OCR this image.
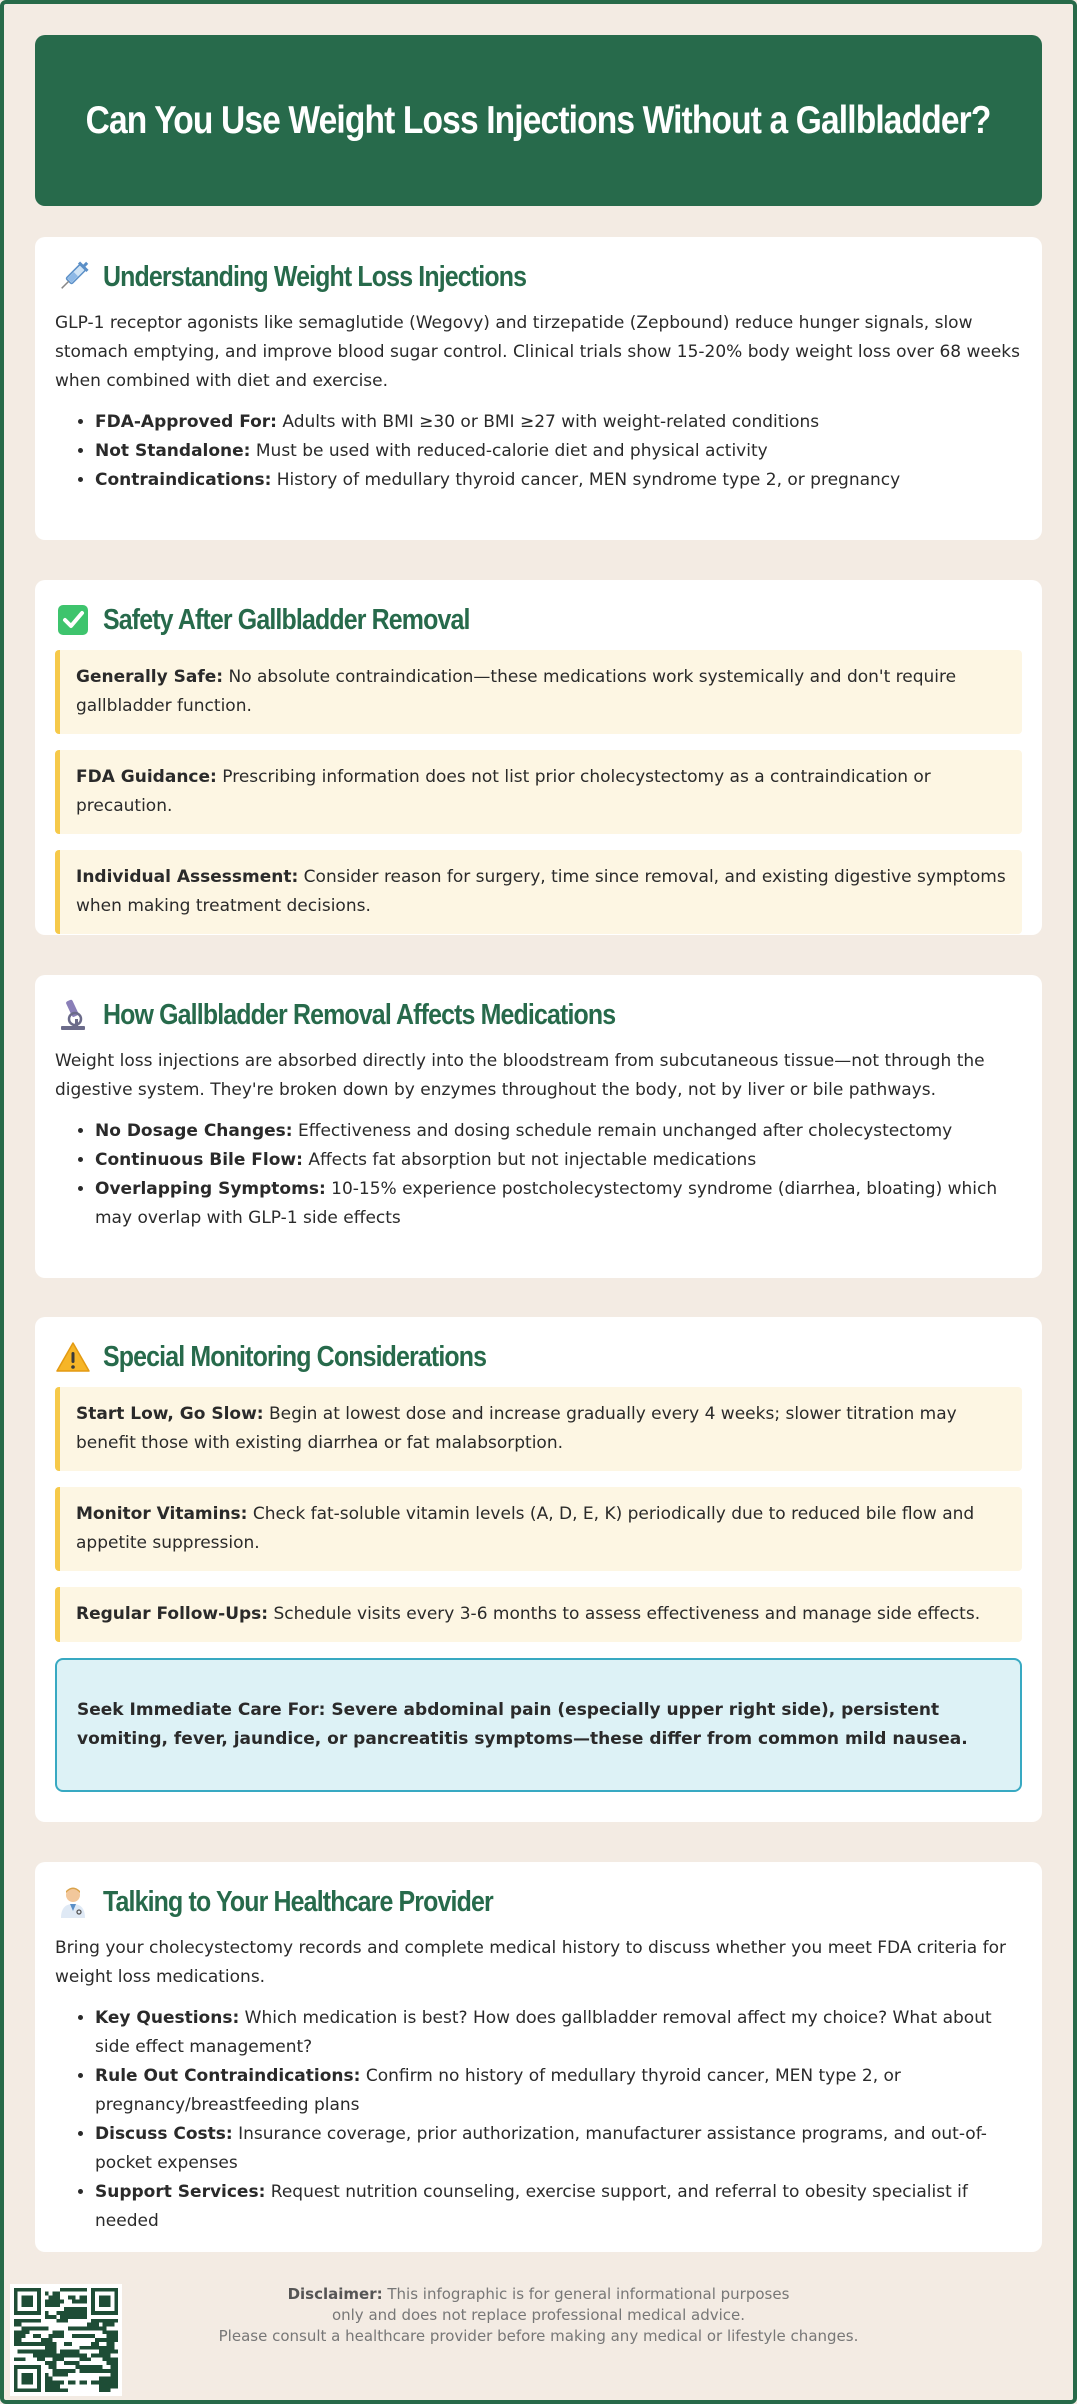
Can You Use Weight Loss Injections Without a Gallbladder?
Understanding Weight Loss Injections

GLP-1 receptor agonists like semaglutide (Wegovy) and tirzepatide (Zepbound) reduce hunger signals, slow stomach emptying, and improve blood sugar control. Clinical trials show 15-20% body weight loss over 68 weeks when combined with diet and exercise.

• FDA-Approved For: Adults with BMI ≥30 or BMI ≥27 with weight-related conditions
• Not Standalone: Must be used with reduced-calorie diet and physical activity
• Contraindications: History of medullary thyroid cancer, MEN syndrome type 2, or pregnancy
Safety After Gallbladder Removal
Generally Safe: No absolute contraindication—these medications work systemically and don't require gallbladder function.
FDA Guidance: Prescribing information does not list prior cholecystectomy as a contraindication or precaution.
Individual Assessment: Consider reason for surgery, time since removal, and existing digestive symptoms when making treatment decisions.
How Gallbladder Removal Affects Medications

Weight loss injections are absorbed directly into the bloodstream from subcutaneous tissue—not through the digestive system. They're broken down by enzymes throughout the body, not by liver or bile pathways.

• No Dosage Changes: Effectiveness and dosing schedule remain unchanged after cholecystectomy
• Continuous Bile Flow: Affects fat absorption but not injectable medications
• Overlapping Symptoms: 10-15% experience postcholecystectomy syndrome (diarrhea, bloating) which may overlap with GLP-1 side effects
Special Monitoring Considerations
Start Low, Go Slow: Begin at lowest dose and increase gradually every 4 weeks; slower titration may benefit those with existing diarrhea or fat malabsorption.
Monitor Vitamins: Check fat-soluble vitamin levels (A, D, E, K) periodically due to reduced bile flow and appetite suppression.
Regular Follow-Ups: Schedule visits every 3-6 months to assess effectiveness and manage side effects.
Seek Immediate Care For: Severe abdominal pain (especially upper right side), persistent vomiting, fever, jaundice, or pancreatitis symptoms—these differ from common mild nausea.
Talking to Your Healthcare Provider

Bring your cholecystectomy records and complete medical history to discuss whether you meet FDA criteria for weight loss medications.

• Key Questions: Which medication is best? How does gallbladder removal affect my choice? What about side effect management?
• Rule Out Contraindications: Confirm no history of medullary thyroid cancer, MEN type 2, or pregnancy/breastfeeding plans
• Discuss Costs: Insurance coverage, prior authorization, manufacturer assistance programs, and out-of-pocket expenses
• Support Services: Request nutrition counseling, exercise support, and referral to obesity specialist if needed
Disclaimer: This infographic is for general informational purposes
only and does not replace professional medical advice.
Please consult a healthcare provider before making any medical or lifestyle changes.
